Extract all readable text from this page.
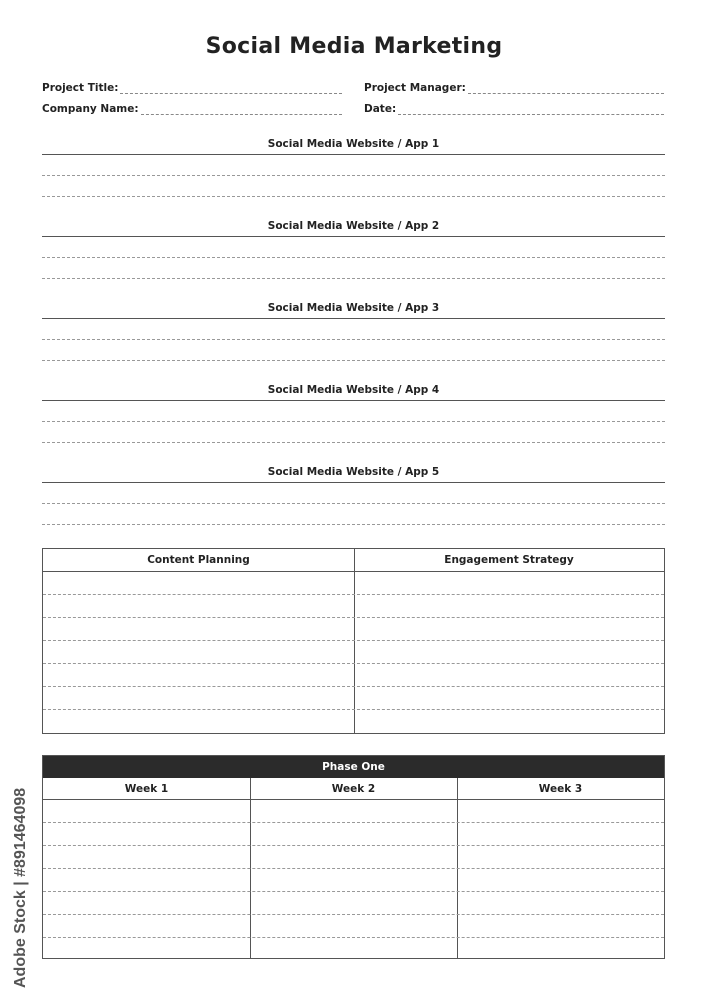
Social Media Marketing
Project Title:	Project Manager:
Company Name:	Date:
Social Media Website / App 1
Social Media Website / App 2
Social Media Website / App 3
Social Media Website / App 4
Social Media Website / App 5
Content Planning	Engagement Strategy
Phase One
Week 1	Week 2	Week 3
Adobe Stock | #891464098
